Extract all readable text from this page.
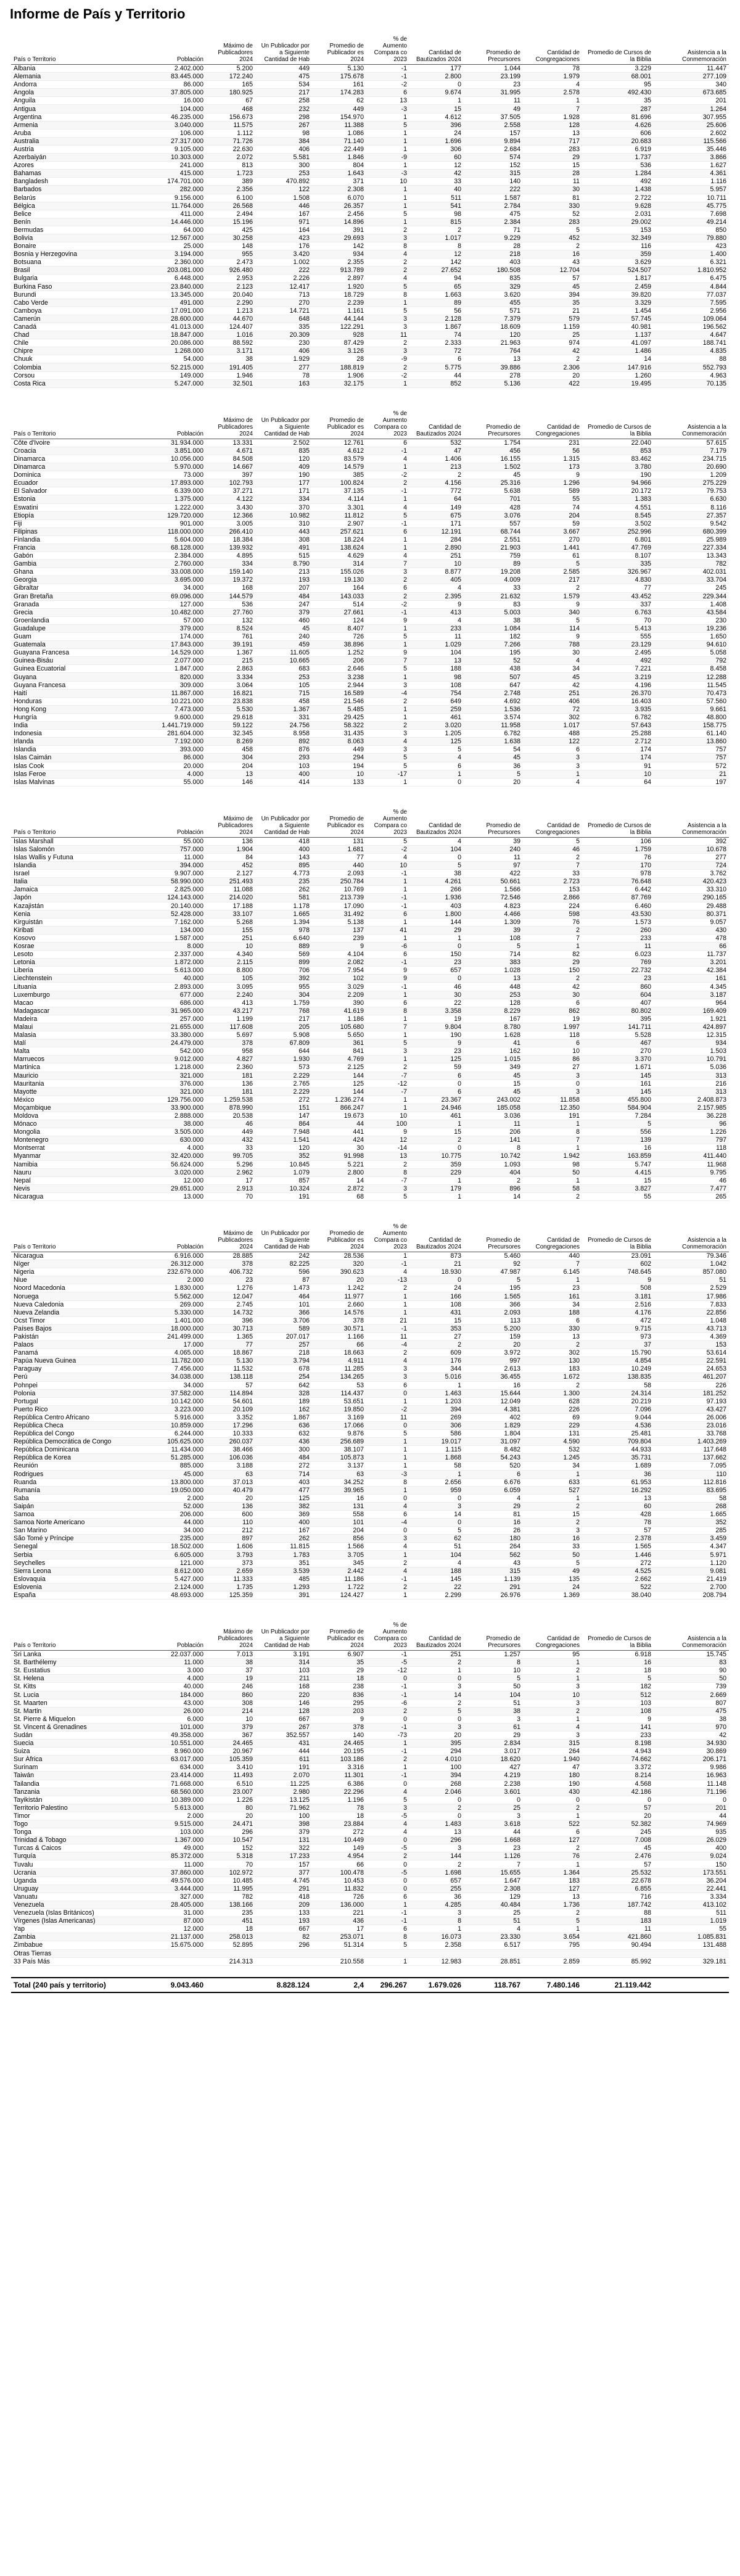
Informe de País y Territorio
País o Territorio	Población	Máximo de Publicadores 2024	Un Publicador por a Siguiente Cantidad de Hab	Promedio de Publicador es 2024	% de Aumento Compara co 2023	Cantidad de Bautizados 2024	Promedio de Precursores	Cantidad de Congregaciones	Promedio de Cursos de la Biblia	Asistencia a la Conmemoración
Albania	2.402.000	5.200	449	5.130	-1	177	1.044	78	3.229	11.447
Alemania	83.445.000	172.240	475	175.678	-1	2.800	23.199	1.979	68.001	277.109
Andorra	86.000	165	534	161	-2	0	23	4	95	340
Angola	37.805.000	180.925	217	174.283	6	9.674	31.995	2.578	492.430	673.685
Anguila	16.000	67	258	62	13	1	11	1	35	201
Antigua	104.000	468	232	449	-3	15	49	7	287	1.264
Argentina	46.235.000	156.673	298	154.970	1	4.612	37.505	1.928	81.696	307.955
Armenia	3.040.000	11.575	267	11.388	5	396	2.558	128	4.626	25.606
Aruba	106.000	1.112	98	1.086	1	24	157	13	606	2.602
Australia	27.317.000	71.726	384	71.140	1	1.696	9.894	717	20.683	115.566
Austria	9.105.000	22.630	406	22.449	1	306	2.684	283	6.919	35.446
Azerbaiyán	10.303.000	2.072	5.581	1.846	-9	60	574	29	1.737	3.866
Azores	241.000	813	300	804	1	12	152	15	536	1.627
Bahamas	415.000	1.723	253	1.643	-3	42	315	28	1.284	4.361
Bangladesh	174.701.000	389	470.892	371	10	33	140	11	492	1.116
Barbados	282.000	2.356	122	2.308	1	40	222	30	1.438	5.957
Belarús	9.156.000	6.100	1.508	6.070	1	511	1.587	81	2.722	10.711
Bélgica	11.764.000	26.568	446	26.357	1	541	2.784	330	9.628	45.775
Belice	411.000	2.494	167	2.456	5	98	475	52	2.031	7.698
Benín	14.446.000	15.196	971	14.896	1	815	2.384	283	29.002	49.214
Bermudas	64.000	425	164	391	2	2	71	5	153	850
Bolivia	12.567.000	30.258	423	29.693	3	1.017	9.229	452	32.349	79.880
Bonaire	25.000	148	176	142	8	8	28	2	116	423
Bosnia y Herzegovina	3.194.000	955	3.420	934	4	12	218	16	359	1.400
Botsuana	2.360.000	2.473	1.002	2.355	2	142	403	43	3.629	6.321
Brasil	203.081.000	926.480	222	913.789	2	27.652	180.508	12.704	524.507	1.810.952
Bulgaria	6.448.000	2.953	2.226	2.897	4	94	835	57	1.817	6.475
Burkina Faso	23.840.000	2.123	12.417	1.920	5	65	329	45	2.459	4.844
Burundi	13.345.000	20.040	713	18.729	8	1.663	3.620	394	39.820	77.037
Cabo Verde	491.000	2.290	270	2.239	1	89	455	35	3.329	7.595
Camboya	17.091.000	1.213	14.721	1.161	5	56	571	21	1.454	2.956
Camerún	28.600.000	44.670	648	44.144	3	2.128	7.379	579	57.745	109.064
Canadá	41.013.000	124.407	335	122.291	3	1.867	18.609	1.159	40.981	196.562
Chad	18.847.000	1.016	20.309	928	11	74	120	25	1.137	4.647
Chile	20.086.000	88.592	230	87.429	2	2.333	21.963	974	41.097	188.741
Chipre	1.268.000	3.171	406	3.126	3	72	764	42	1.486	4.835
Chuuk	54.000	38	1.929	28	-9	6	13	2	14	88
Colombia	52.215.000	191.405	277	188.819	2	5.775	39.886	2.306	147.916	552.793
Corsou	149.000	1.946	78	1.906	-2	44	278	20	1.260	4.963
Costa Rica	5.247.000	32.501	163	32.175	1	852	5.136	422	19.495	70.135
País o Territorio	Población	Máximo de Publicadores 2024	Un Publicador por a Siguiente Cantidad de Hab	Promedio de Publicador es 2024	% de Aumento Compara co 2023	Cantidad de Bautizados 2024	Promedio de Precursores	Cantidad de Congregaciones	Promedio de Cursos de la Biblia	Asistencia a la Conmemoración
Côte d'Ivoire	31.934.000	13.331	2.502	12.761	6	532	1.754	231	22.040	57.615
Croacia	3.851.000	4.671	835	4.612	-1	47	456	56	853	7.179
Dinamarca	10.056.000	84.508	120	83.579	4	1.406	16.155	1.315	83.462	234.715
Dinamarca	5.970.000	14.667	409	14.579	1	213	1.502	173	3.780	20.690
Dominica	73.000	397	190	385	-2	2	45	9	190	1.209
Ecuador	17.893.000	102.793	177	100.824	2	4.156	25.316	1.296	94.966	275.229
El Salvador	6.339.000	37.271	171	37.135	-1	772	5.638	589	20.172	79.753
Estonia	1.375.000	4.122	334	4.114	1	64	701	55	1.383	6.630
Eswatini	1.222.000	3.430	370	3.301	4	149	428	74	4.551	8.116
Etiopía	129.720.000	12.366	10.982	11.812	5	675	3.076	204	8.545	27.357
Fiji	901.000	3.005	310	2.907	-1	171	557	59	3.502	9.542
Filipinas	118.000.000	266.410	443	257.621	6	12.191	68.744	3.667	252.996	680.399
Finlandia	5.604.000	18.384	308	18.224	1	284	2.551	270	6.801	25.989
Francia	68.128.000	139.932	491	138.624	1	2.890	21.903	1.441	47.769	227.334
Gabón	2.384.000	4.895	515	4.629	4	251	759	61	8.107	13.343
Gambia	2.760.000	334	8.790	314	7	10	89	5	335	782
Ghana	33.008.000	159.140	213	155.026	3	8.877	19.208	2.585	326.967	402.031
Georgia	3.695.000	19.372	193	19.130	2	405	4.009	217	4.830	33.704
Gibraltar	34.000	168	207	164	6	4	33	2	77	245
Gran Bretaña	69.096.000	144.579	484	143.033	2	2.395	21.632	1.579	43.452	229.344
Granada	127.000	536	247	514	-2	9	83	9	337	1.408
Grecia	10.482.000	27.760	379	27.661	-1	413	5.003	340	6.763	43.584
Groenlandia	57.000	132	460	124	9	4	38	5	70	230
Guadalupe	379.000	8.524	45	8.407	1	233	1.084	114	5.413	19.236
Guam	174.000	761	240	726	5	11	182	9	555	1.650
Guatemala	17.843.000	39.191	459	38.896	1	1.029	7.266	788	23.129	94.610
Guayana Francesa	14.529.000	1.367	11.605	1.252	9	104	195	30	2.495	5.058
Guinea-Bisáu	2.077.000	215	10.665	206	7	13	52	4	492	792
Guinea Ecuatorial	1.847.000	2.863	683	2.646	5	188	438	34	7.221	8.458
Guyana	820.000	3.334	253	3.238	1	98	507	45	3.219	12.288
Guyana Francesa	309.000	3.064	105	2.944	3	108	647	42	4.196	11.545
Haití	11.867.000	16.821	715	16.589	-4	754	2.748	251	26.370	70.473
Honduras	10.221.000	23.838	458	21.546	2	649	4.692	406	16.403	57.560
Hong Kong	7.473.000	5.530	1.367	5.485	1	259	1.536	72	3.935	9.661
Hungría	9.600.000	29.618	331	29.425	1	461	3.574	302	6.782	48.800
India	1.441.719.000	59.122	24.756	58.322	2	3.020	11.958	1.017	57.643	158.775
Indonesia	281.604.000	32.345	8.958	31.435	3	1.205	6.782	488	25.288	61.140
Irlanda	7.192.000	8.269	892	8.063	4	125	1.638	122	2.712	13.860
Islandia	393.000	458	876	449	3	5	54	6	174	757
Islas Caimán	86.000	304	293	294	5	4	45	3	174	757
Islas Cook	20.000	204	103	194	5	6	36	3	91	572
Islas Feroe	4.000	13	400	10	-17	1	5	1	10	21
Islas Malvinas	55.000	146	414	133	1	0	20	4	64	197
País o Territorio	Población	Máximo de Publicadores 2024	Un Publicador por a Siguiente Cantidad de Hab	Promedio de Publicador es 2024	% de Aumento Compara co 2023	Cantidad de Bautizados 2024	Promedio de Precursores	Cantidad de Congregaciones	Promedio de Cursos de la Biblia	Asistencia a la Conmemoración
Islas Marshall	55.000	136	418	131	5	4	39	5	106	392
Islas Salomón	757.000	1.904	400	1.681	-2	104	240	46	1.759	10.678
Islas Wallis y Futuna	11.000	84	143	77	4	0	11	2	76	277
Islandia	394.000	452	895	440	10	5	97	7	170	724
Israel	9.907.000	2.127	4.773	2.093	-1	38	422	33	978	3.762
Italia	58.990.000	251.493	235	250.784	1	4.261	50.661	2.723	76.648	420.423
Jamaica	2.825.000	11.088	262	10.769	1	266	1.566	153	6.442	33.310
Japón	124.143.000	214.020	581	213.739	-1	1.936	72.546	2.866	87.769	290.165
Kazajistán	20.140.000	17.188	1.178	17.090	-1	403	4.823	224	6.460	29.488
Kenia	52.428.000	33.107	1.665	31.492	6	1.800	4.466	598	43.530	80.371
Kirguistán	7.162.000	5.268	1.394	5.138	1	144	1.309	76	1.573	9.057
Kiribati	134.000	155	978	137	41	29	39	2	260	430
Kosovo	1.587.000	251	6.640	239	1	1	108	7	233	478
Kosrae	8.000	10	889	9	-6	0	5	1	11	66
Lesoto	2.337.000	4.340	569	4.104	6	150	714	82	6.023	11.737
Letonia	1.872.000	2.115	899	2.082	-1	23	383	29	769	3.201
Liberia	5.613.000	8.800	706	7.954	9	657	1.028	150	22.732	42.384
Liechtenstein	40.000	105	392	102	9	0	13	2	23	161
Lituania	2.893.000	3.095	955	3.029	-1	46	448	42	860	4.345
Luxemburgo	677.000	2.240	304	2.209	1	30	253	30	604	3.187
Macao	686.000	413	1.759	390	6	22	128	6	407	964
Madagascar	31.965.000	43.217	768	41.619	8	3.358	8.229	862	80.802	169.409
Madeira	257.000	1.199	217	1.186	1	19	167	19	395	1.921
Malaui	21.655.000	117.608	205	105.680	7	9.804	8.780	1.997	141.711	424.897
Malasia	33.380.000	5.697	5.908	5.650	1	190	1.628	118	5.528	12.315
Malí	24.479.000	378	67.809	361	5	9	41	6	467	934
Malta	542.000	958	644	841	3	23	162	10	270	1.503
Marruecos	9.012.000	4.827	1.930	4.769	1	125	1.015	86	3.370	10.791
Martinica	1.218.000	2.360	573	2.125	2	59	349	27	1.671	5.036
Mauricio	321.000	181	2.229	144	-7	6	45	3	145	313
Mauritania	376.000	136	2.765	125	-12	0	15	0	161	216
Mayotte	321.000	181	2.229	144	-7	6	45	3	145	313
México	129.756.000	1.259.538	272	1.236.274	1	23.367	243.002	11.858	455.800	2.408.873
Moçambique	33.900.000	878.990	151	866.247	1	24.946	185.058	12.350	584.904	2.157.985
Moldova	2.888.000	20.538	147	19.673	10	461	3.036	191	7.284	36.228
Mónaco	38.000	46	864	44	100	1	11	1	5	96
Mongolia	3.505.000	449	7.948	441	9	15	206	8	556	1.226
Montenegro	630.000	432	1.541	424	12	2	141	7	139	797
Montserrat	4.000	33	120	30	-14	0	8	1	16	118
Myanmar	32.420.000	99.705	352	91.998	13	10.775	10.742	1.942	163.859	411.440
Namibia	56.624.000	5.296	10.845	5.221	2	359	1.093	98	5.747	11.968
Nauru	3.020.000	2.962	1.079	2.800	8	229	404	50	4.415	9.795
Nepal	12.000	17	857	14	-7	1	2	1	15	46
Nevis	29.651.000	2.913	10.324	2.872	3	179	896	58	3.827	7.477
Nicaragua	13.000	70	191	68	5	1	14	2	55	265
País o Territorio	Población	Máximo de Publicadores 2024	Un Publicador por a Siguiente Cantidad de Hab	Promedio de Publicador es 2024	% de Aumento Compara co 2023	Cantidad de Bautizados 2024	Promedio de Precursores	Cantidad de Congregaciones	Promedio de Cursos de la Biblia	Asistencia a la Conmemoración
Nicaragua	6.916.000	28.885	242	28.536	1	873	5.460	440	23.091	79.346
Níger	26.312.000	378	82.225	320	-1	21	92	7	602	1.042
Nigeria	232.679.000	406.732	596	390.623	4	18.930	47.987	6.145	748.645	857.080
Niue	2.000	23	87	20	-13	0	5	1	9	51
Noord Macedonia	1.830.000	1.276	1.473	1.242	2	24	195	23	508	2.529
Noruega	5.562.000	12.047	464	11.977	1	166	1.565	161	3.181	17.986
Nueva Caledonia	269.000	2.745	101	2.660	1	108	366	34	2.516	7.833
Nueva Zelandia	5.330.000	14.732	366	14.576	1	431	2.093	188	4.176	22.856
Ocst Timor	1.401.000	396	3.706	378	21	15	113	6	472	1.048
Países Bajos	18.000.000	30.713	589	30.571	-1	353	5.200	330	9.715	43.713
Pakistán	241.499.000	1.365	207.017	1.166	11	27	159	13	973	4.369
Palaos	17.000	77	257	66	-4	2	20	2	37	153
Panamá	4.065.000	18.867	218	18.663	2	609	3.972	302	15.790	53.614
Papúa Nueva Guinea	11.782.000	5.130	3.794	4.911	4	176	997	130	4.854	22.591
Paraguay	7.456.000	11.532	678	11.285	3	344	2.613	183	10.249	24.653
Perú	34.038.000	138.118	254	134.265	3	5.016	36.455	1.672	138.835	461.207
Pohnpei	34.000	57	642	53	6	1	16	2	58	226
Polonia	37.582.000	114.894	328	114.437	0	1.463	15.644	1.300	24.314	181.252
Portugal	10.142.000	54.601	189	53.651	1	1.203	12.049	628	20.219	97.193
Puerto Rico	3.223.000	20.109	162	19.850	-2	394	4.381	226	7.096	43.427
República Centro Africano	5.916.000	3.352	1.867	3.169	11	269	402	69	9.044	26.006
República Checa	10.859.000	17.296	636	17.066	0	306	1.829	229	4.536	23.016
República del Congo	6.244.000	10.333	632	9.876	5	586	1.804	131	25.481	33.768
República Democrática de Congo	105.625.000	260.037	436	256.689	1	19.017	31.097	4.590	709.804	1.403.269
República Dominicana	11.434.000	38.466	300	38.107	1	1.115	8.482	532	44.933	117.648
República de Korea	51.285.000	106.036	484	105.873	1	1.868	54.243	1.245	35.731	137.662
Reunión	885.000	3.188	272	3.137	1	58	520	34	1.689	7.095
Rodrigues	45.000	63	714	63	-3	1	6	1	36	110
Ruanda	13.800.000	37.013	403	34.252	8	2.656	6.676	633	61.953	112.816
Rumanía	19.050.000	40.479	477	39.965	1	959	6.059	527	16.292	83.695
Saba	2.000	20	125	16	0	0	4	1	13	58
Saipán	52.000	136	382	131	4	3	29	2	60	268
Samoa	206.000	600	369	558	6	14	81	15	428	1.665
Samoa Norte Americano	44.000	110	400	101	-4	0	16	2	78	352
San Marino	34.000	212	167	204	0	5	26	3	57	285
São Tomé y Príncipe	235.000	897	262	856	3	62	180	16	2.378	3.459
Senegal	18.502.000	1.606	11.815	1.566	4	51	264	33	1.565	4.347
Serbia	6.605.000	3.793	1.783	3.705	1	104	562	50	1.446	5.971
Seychelles	121.000	373	351	345	2	4	43	5	272	1.120
Sierra Leona	8.612.000	2.659	3.539	2.442	4	188	315	49	4.525	9.081
Eslovaquia	5.427.000	11.333	485	11.186	-1	145	1.139	135	2.662	21.419
Eslovenia	2.124.000	1.735	1.293	1.722	2	22	291	24	522	2.700
España	48.693.000	125.359	391	124.427	1	2.299	26.976	1.369	38.040	208.794
País o Territorio	Población	Máximo de Publicadores 2024	Un Publicador por a Siguiente Cantidad de Hab	Promedio de Publicador es 2024	% de Aumento Compara co 2023	Cantidad de Bautizados 2024	Promedio de Precursores	Cantidad de Congregaciones	Promedio de Cursos de la Biblia	Asistencia a la Conmemoración
Sri Lanka	22.037.000	7.013	3.191	6.907	-1	251	1.257	95	6.918	15.745
St. Barthélemy	11.000	38	314	35	-5	2	8	1	16	83
St. Eustatius	3.000	37	103	29	-12	1	10	2	18	90
St. Helena	4.000	19	211	18	0	0	5	1	5	50
St. Kitts	40.000	246	168	238	-1	3	50	3	182	739
St. Lucia	184.000	860	220	836	-1	14	104	10	512	2.669
St. Maarten	43.000	308	146	295	-6	2	51	3	103	807
St. Martin	26.000	214	128	203	2	5	38	2	108	475
St. Pierre & Miquelon	6.000	10	667	9	0	0	3	1	9	38
St. Vincent & Grenadines	101.000	379	267	378	-1	3	61	4	141	970
Sudán	49.358.000	367	352.557	140	-73	20	29	3	233	42
Suecia	10.551.000	24.465	431	24.465	1	395	2.834	315	8.198	34.930
Suiza	8.960.000	20.967	444	20.195	-1	294	3.017	264	4.943	30.869
Sur África	63.017.000	105.359	611	103.186	2	4.010	18.620	1.940	74.662	206.171
Surinam	634.000	3.410	191	3.316	1	100	427	47	3.372	9.986
Taiwán	23.414.000	11.493	2.070	11.301	-1	394	4.219	180	8.214	16.963
Tailandia	71.668.000	6.510	11.225	6.386	0	268	2.238	190	4.568	11.148
Tanzania	68.560.000	23.007	2.980	22.296	4	2.046	3.601	430	42.186	71.196
Tayikistán	10.389.000	1.226	13.125	1.196	5	0	0	0	0	0
Territorio Palestino	5.613.000	80	71.962	78	3	2	25	2	57	201
Timor	2.000	20	100	18	-5	0	3	1	20	44
Togo	9.515.000	24.471	398	23.884	4	1.483	3.618	522	52.382	74.969
Tonga	103.000	296	379	272	4	13	44	6	245	935
Trinidad & Tobago	1.367.000	10.547	131	10.449	0	296	1.668	127	7.008	26.029
Turcas & Caicos	49.000	152	322	149	-5	3	23	2	45	400
Turquía	85.372.000	5.318	17.233	4.954	2	144	1.126	76	2.476	9.024
Tuvalu	11.000	70	157	66	0	2	7	1	57	150
Ucrania	37.860.000	102.972	377	100.478	-5	1.698	15.655	1.364	25.532	173.551
Uganda	49.576.000	10.485	4.745	10.453	0	657	1.647	183	22.678	36.204
Uruguay	3.444.000	11.995	291	11.832	0	255	2.308	127	6.855	22.441
Vanuatu	327.000	782	418	726	6	36	129	13	716	3.334
Venezuela	28.405.000	138.166	209	136.000	1	4.285	40.484	1.736	187.742	413.102
Venezuela (Islas Británicos)	31.000	235	133	221	-1	3	25	2	88	511
Vírgenes (Islas Americanas)	87.000	451	193	436	-1	8	51	5	183	1.019
Yap	12.000	18	667	17	6	1	4	1	11	55
Zambia	21.137.000	258.013	82	253.071	8	16.073	23.330	3.654	421.860	1.085.831
Zimbabue	15.675.000	52.895	296	51.314	5	2.358	6.517	795	90.494	131.488
Otras Tierras										
33 País Más		214.313		210.558	1	12.983	28.851	2.859	85.992	329.181
Total (240 país y territorio)	9.043.460		8.828.124	2,4	296.267	1.679.026	118.767	7.480.146	21.119.442	
